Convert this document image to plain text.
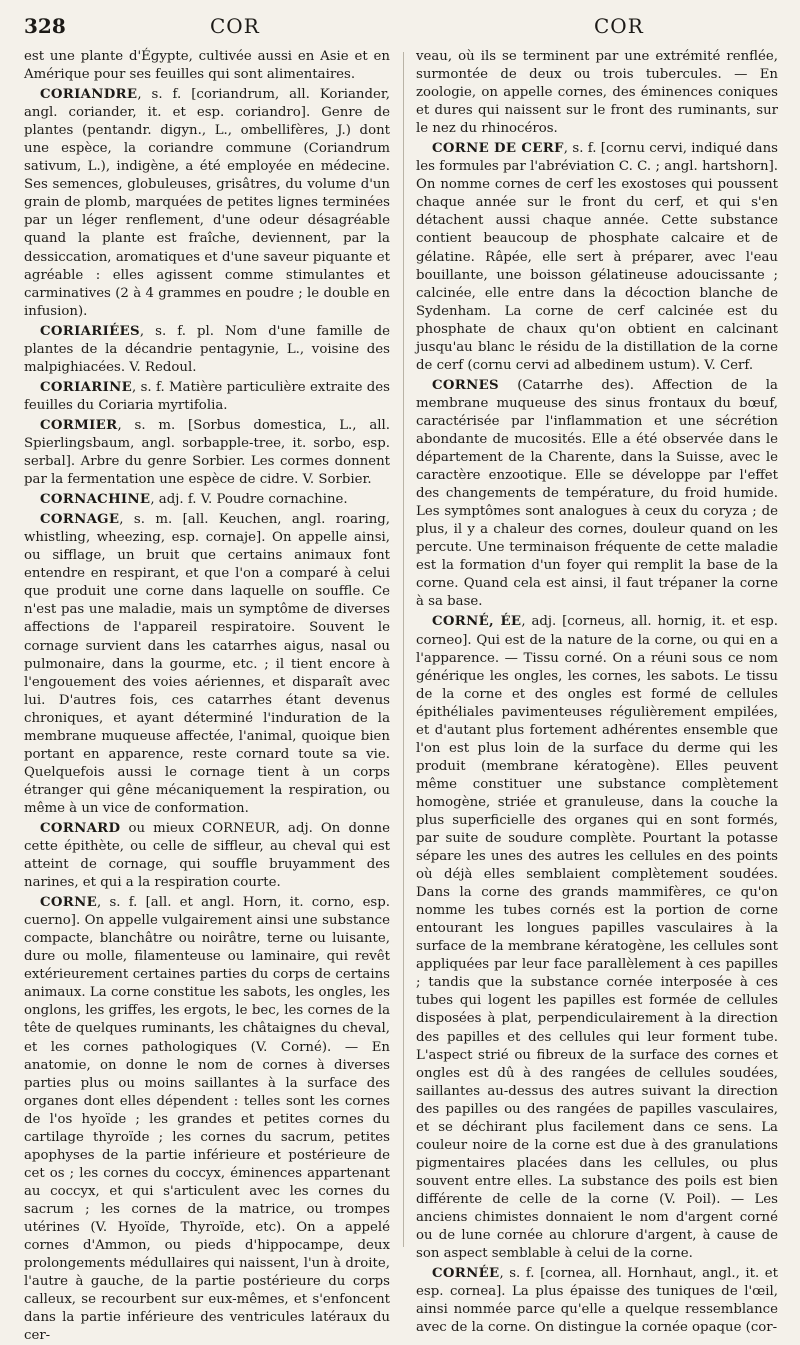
328	COR	COR

est une plante d'Égypte, cultivée aussi en Asie et en Amérique pour ses feuilles qui sont alimentaires.

CORIANDRE, s. f. [coriandrum, all. Koriander, angl. coriander, it. et esp. coriandro]. Genre de plantes (pentandr. digyn., L., ombellifères, J.) dont une espèce, la coriandre commune (Coriandrum sativum, L.), indigène, a été employée en médecine. Ses semences, globuleuses, grisâtres, du volume d'un grain de plomb, marquées de petites lignes terminées par un léger renflement, d'une odeur désagréable quand la plante est fraîche, deviennent, par la dessiccation, aromatiques et d'une saveur piquante et agréable : elles agissent comme stimulantes et carminatives (2 à 4 grammes en poudre ; le double en infusion).

CORIARIÉES, s. f. pl. Nom d'une famille de plantes de la décandrie pentagynie, L., voisine des malpighiacées. V. Redoul.

CORIARINE, s. f. Matière particulière extraite des feuilles du Coriaria myrtifolia.

CORMIER, s. m. [Sorbus domestica, L., all. Spierlingsbaum, angl. sorbapple-tree, it. sorbo, esp. serbal]. Arbre du genre Sorbier. Les cormes donnent par la fermentation une espèce de cidre. V. Sorbier.

CORNACHINE, adj. f. V. Poudre cornachine.

CORNAGE, s. m. [all. Keuchen, angl. roaring, whistling, wheezing, esp. cornaje]. On appelle ainsi, ou sifflage, un bruit que certains animaux font entendre en respirant, et que l'on a comparé à celui que produit une corne dans laquelle on souffle. Ce n'est pas une maladie, mais un symptôme de diverses affections de l'appareil respiratoire. Souvent le cornage survient dans les catarrhes aigus, nasal ou pulmonaire, dans la gourme, etc. ; il tient encore à l'engouement des voies aériennes, et disparaît avec lui. D'autres fois, ces catarrhes étant devenus chroniques, et ayant déterminé l'induration de la membrane muqueuse affectée, l'animal, quoique bien portant en apparence, reste cornard toute sa vie. Quelquefois aussi le cornage tient à un corps étranger qui gêne mécaniquement la respiration, ou même à un vice de conformation.

CORNARD ou mieux CORNEUR, adj. On donne cette épithète, ou celle de siffleur, au cheval qui est atteint de cornage, qui souffle bruyamment des narines, et qui a la respiration courte.

CORNE, s. f. [all. et angl. Horn, it. corno, esp. cuerno]. On appelle vulgairement ainsi une substance compacte, blanchâtre ou noirâtre, terne ou luisante, dure ou molle, filamenteuse ou laminaire, qui revêt extérieurement certaines parties du corps de certains animaux. La corne constitue les sabots, les ongles, les onglons, les griffes, les ergots, le bec, les cornes de la tête de quelques ruminants, les châtaignes du cheval, et les cornes pathologiques (V. Corné). — En anatomie, on donne le nom de cornes à diverses parties plus ou moins saillantes à la surface des organes dont elles dépendent : telles sont les cornes de l'os hyoïde ; les grandes et petites cornes du cartilage thyroïde ; les cornes du sacrum, petites apophyses de la partie inférieure et postérieure de cet os ; les cornes du coccyx, éminences appartenant au coccyx, et qui s'articulent avec les cornes du sacrum ; les cornes de la matrice, ou trompes utérines (V. Hyoïde, Thyroïde, etc). On a appelé cornes d'Ammon, ou pieds d'hippocampe, deux prolongements médullaires qui naissent, l'un à droite, l'autre à gauche, de la partie postérieure du corps calleux, se recourbent sur eux-mêmes, et s'enfoncent dans la partie inférieure des ventricules latéraux du cer-

veau, où ils se terminent par une extrémité renflée, surmontée de deux ou trois tubercules. — En zoologie, on appelle cornes, des éminences coniques et dures qui naissent sur le front des ruminants, sur le nez du rhinocéros.

CORNE DE CERF, s. f. [cornu cervi, indiqué dans les formules par l'abréviation C. C. ; angl. hartshorn]. On nomme cornes de cerf les exostoses qui poussent chaque année sur le front du cerf, et qui s'en détachent aussi chaque année. Cette substance contient beaucoup de phosphate calcaire et de gélatine. Râpée, elle sert à préparer, avec l'eau bouillante, une boisson gélatineuse adoucissante ; calcinée, elle entre dans la décoction blanche de Sydenham. La corne de cerf calcinée est du phosphate de chaux qu'on obtient en calcinant jusqu'au blanc le résidu de la distillation de la corne de cerf (cornu cervi ad albedinem ustum). V. Cerf.

CORNES (Catarrhe des). Affection de la membrane muqueuse des sinus frontaux du bœuf, caractérisée par l'inflammation et une sécrétion abondante de mucosités. Elle a été observée dans le département de la Charente, dans la Suisse, avec le caractère enzootique. Elle se développe par l'effet des changements de température, du froid humide. Les symptômes sont analogues à ceux du coryza ; de plus, il y a chaleur des cornes, douleur quand on les percute. Une terminaison fréquente de cette maladie est la formation d'un foyer qui remplit la base de la corne. Quand cela est ainsi, il faut trépaner la corne à sa base.

CORNÉ, ÉE, adj. [corneus, all. hornig, it. et esp. corneo]. Qui est de la nature de la corne, ou qui en a l'apparence. — Tissu corné. On a réuni sous ce nom générique les ongles, les cornes, les sabots. Le tissu de la corne et des ongles est formé de cellules épithéliales pavimenteuses régulièrement empilées, et d'autant plus fortement adhérentes ensemble que l'on est plus loin de la surface du derme qui les produit (membrane kératogène). Elles peuvent même constituer une substance complètement homogène, striée et granuleuse, dans la couche la plus superficielle des organes qui en sont formés, par suite de soudure complète. Pourtant la potasse sépare les unes des autres les cellules en des points où déjà elles semblaient complètement soudées. Dans la corne des grands mammifères, ce qu'on nomme les tubes cornés est la portion de corne entourant les longues papilles vasculaires à la surface de la membrane kératogène, les cellules sont appliquées par leur face parallèlement à ces papilles ; tandis que la substance cornée interposée à ces tubes qui logent les papilles est formée de cellules disposées à plat, perpendiculairement à la direction des papilles et des cellules qui leur forment tube. L'aspect strié ou fibreux de la surface des cornes et ongles est dû à des rangées de cellules soudées, saillantes au-dessus des autres suivant la direction des papilles ou des rangées de papilles vasculaires, et se déchirant plus facilement dans ce sens. La couleur noire de la corne est due à des granulations pigmentaires placées dans les cellules, ou plus souvent entre elles. La substance des poils est bien différente de celle de la corne (V. Poil). — Les anciens chimistes donnaient le nom d'argent corné ou de lune cornée au chlorure d'argent, à cause de son aspect semblable à celui de la corne.

CORNÉE, s. f. [cornea, all. Hornhaut, angl., it. et esp. cornea]. La plus épaisse des tuniques de l'œil, ainsi nommée parce qu'elle a quelque ressemblance avec de la corne. On distingue la cornée opaque (cor-
